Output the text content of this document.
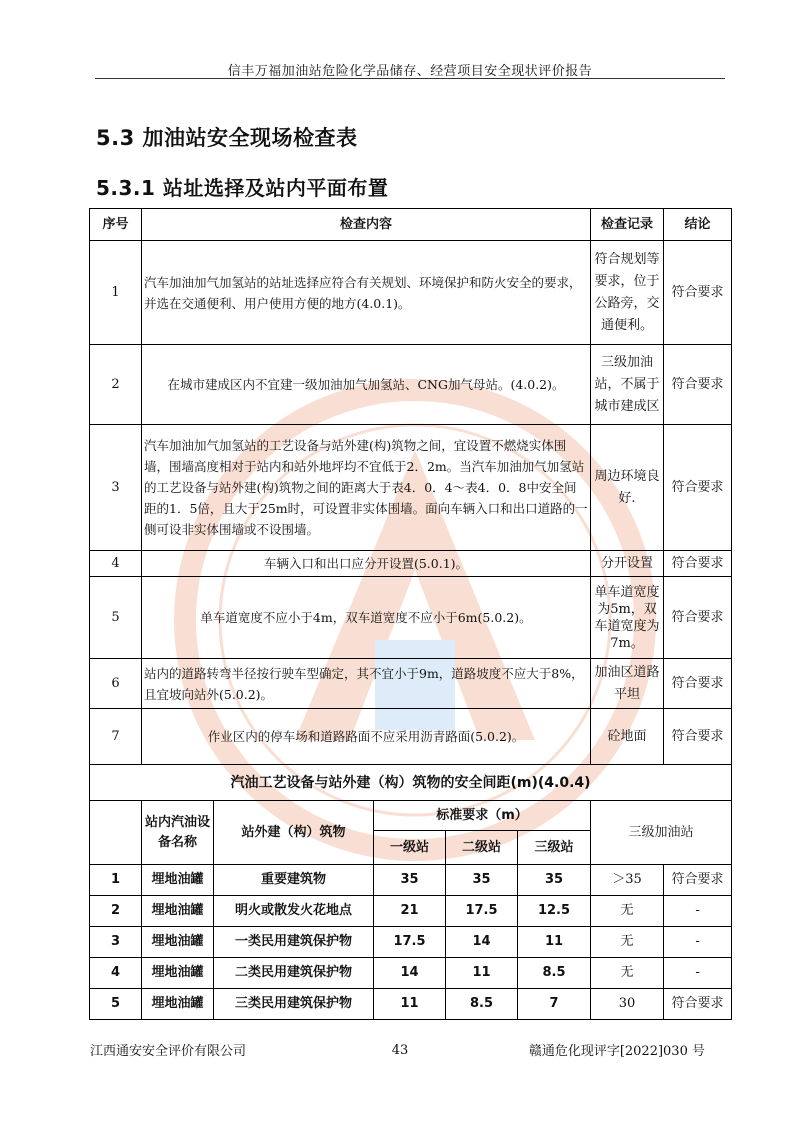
信丰万福加油站危险化学品储存、经营项目安全现状评价报告
5.3 加油站安全现场检查表
5.3.1 站址选择及站内平面布置
序号	检查内容	检查记录	结论
1	汽车加油加气加氢站的站址选择应符合有关规划、环境保护和防火安全的要求，并选在交通便利、用户使用方便的地方(4.0.1)。	符合规划等要求，位于公路旁，交通便利。	符合要求
2	在城市建成区内不宜建一级加油加气加氢站、CNG加气母站。(4.0.2)。	三级加油站，不属于城市建成区	符合要求
3	汽车加油加气加氢站的工艺设备与站外建(构)筑物之间，宜设置不燃烧实体围墙，围墙高度相对于站内和站外地坪均不宜低于2．2m。当汽车加油加气加氢站的工艺设备与站外建(构)筑物之间的距离大于表4．0．4～表4．0．8中安全间距的1．5倍，且大于25m时，可设置非实体围墙。面向车辆入口和出口道路的一侧可设非实体围墙或不设围墙。	周边环境良好.	符合要求
4	车辆入口和出口应分开设置(5.0.1)。	分开设置	符合要求
5	单车道宽度不应小于4m，双车道宽度不应小于6m(5.0.2)。	单车道宽度为5m，双车道宽度为7m。	符合要求
6	站内的道路转弯半径按行驶车型确定，其不宜小于9m，道路坡度不应大于8%，且宜坡向站外(5.0.2)。	加油区道路平坦	符合要求
7	作业区内的停车场和道路路面不应采用沥青路面(5.0.2)。	砼地面	符合要求
汽油工艺设备与站外建（构）筑物的安全间距(m)(4.0.4)							
	站内汽油设备名称	站外建（构）筑物	标准要求（m）			三级加油站	
			一级站	二级站	三级站		
1	埋地油罐	重要建筑物	35	35	35	＞35	符合要求
2	埋地油罐	明火或散发火花地点	21	17.5	12.5	无	-
3	埋地油罐	一类民用建筑保护物	17.5	14	11	无	-
4	埋地油罐	二类民用建筑保护物	14	11	8.5	无	-
5	埋地油罐	三类民用建筑保护物	11	8.5	7	30	符合要求
江西通安安全评价有限公司	43	赣通危化现评字[2022]030 号
